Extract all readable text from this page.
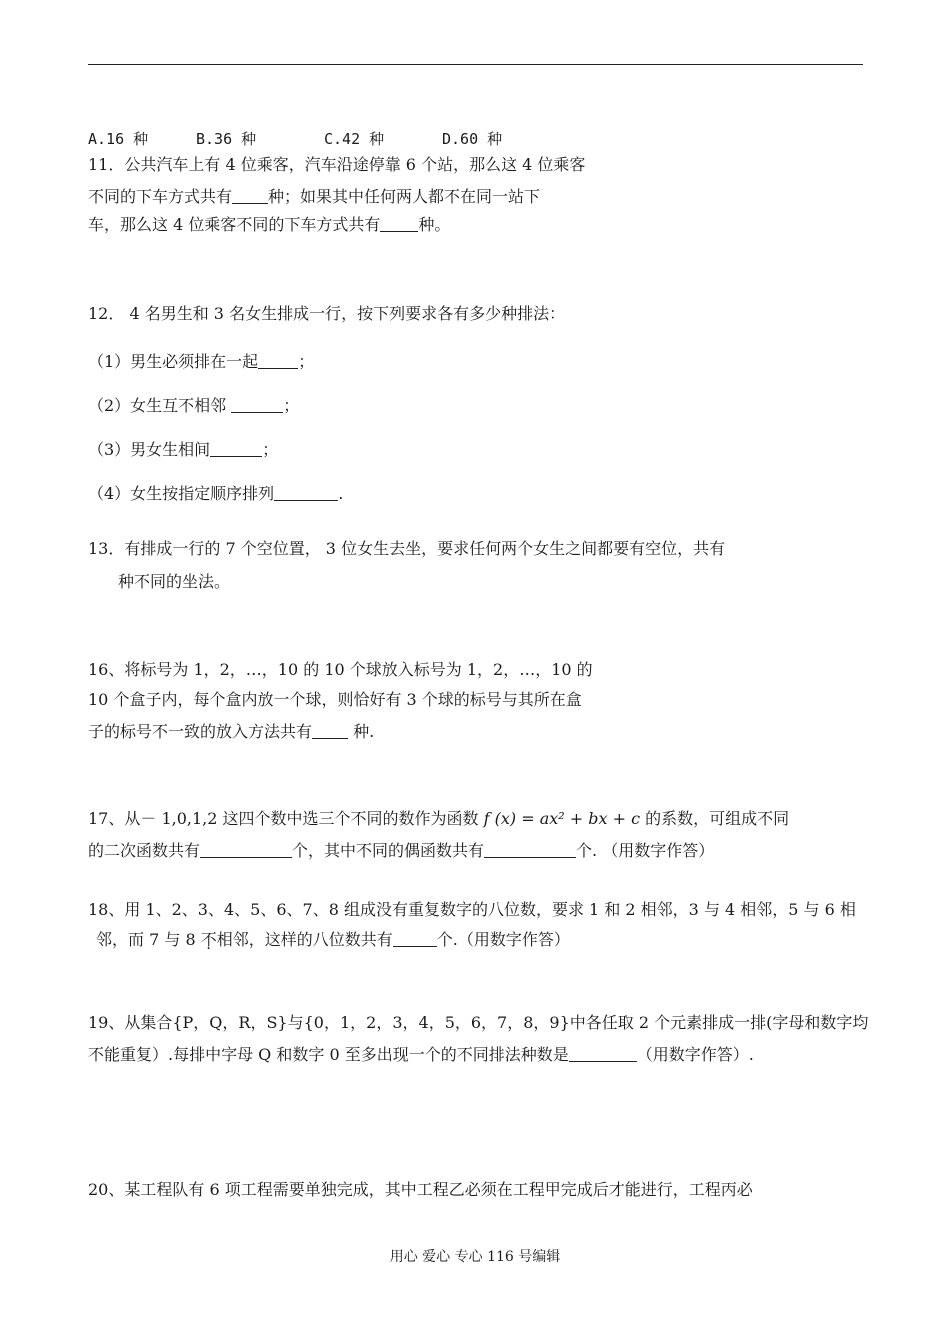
A.16 种	B.36 种	C.42 种	D.60 种
11．公共汽车上有 4 位乘客，汽车沿途停靠 6 个站，那么这 4 位乘客
不同的下车方式共有 种；如果其中任何两人都不在同一站下
车，那么这 4 位乘客不同的下车方式共有 种。
12． 4 名男生和 3 名女生排成一行，按下列要求各有多少种排法：
（1）男生必须排在一起	；
（2）女生互不相邻	；
（3）男女生相间	；
（4）女生按指定顺序排列	.
13．有排成一行的 7 个空位置， 3 位女生去坐，要求任何两个女生之间都要有空位，共有
种不同的坐法。
16、将标号为 1，2，…，10 的 10 个球放入标号为 1，2，…，10 的
10 个盒子内，每个盒内放一个球，则恰好有 3 个球的标号与其所在盒
子的标号不一致的放入方法共有 种.
17、从－ 1,0,1,2 这四个数中选三个不同的数作为函数 f (x) = ax² + bx + c 的系数，可组成不同
的二次函数共有	个，其中不同的偶函数共有	个. （用数字作答）
18、用 1、2、3、4、5、6、7、8 组成没有重复数字的八位数，要求 1 和 2 相邻，3 与 4 相邻，5 与 6 相
邻，而 7 与 8 不相邻，这样的八位数共有	个.（用数字作答）
19、从集合{P，Q，R，S}与{0，1，2，3，4，5，6，7，8，9}中各任取 2 个元素排成一排(字母和数字均
不能重复）.每排中字母 Q 和数字 0 至多出现一个的不同排法种数是	（用数字作答）.
20、某工程队有 6 项工程需要单独完成，其中工程乙必须在工程甲完成后才能进行，工程丙必
用心 爱心 专心 116 号编辑
